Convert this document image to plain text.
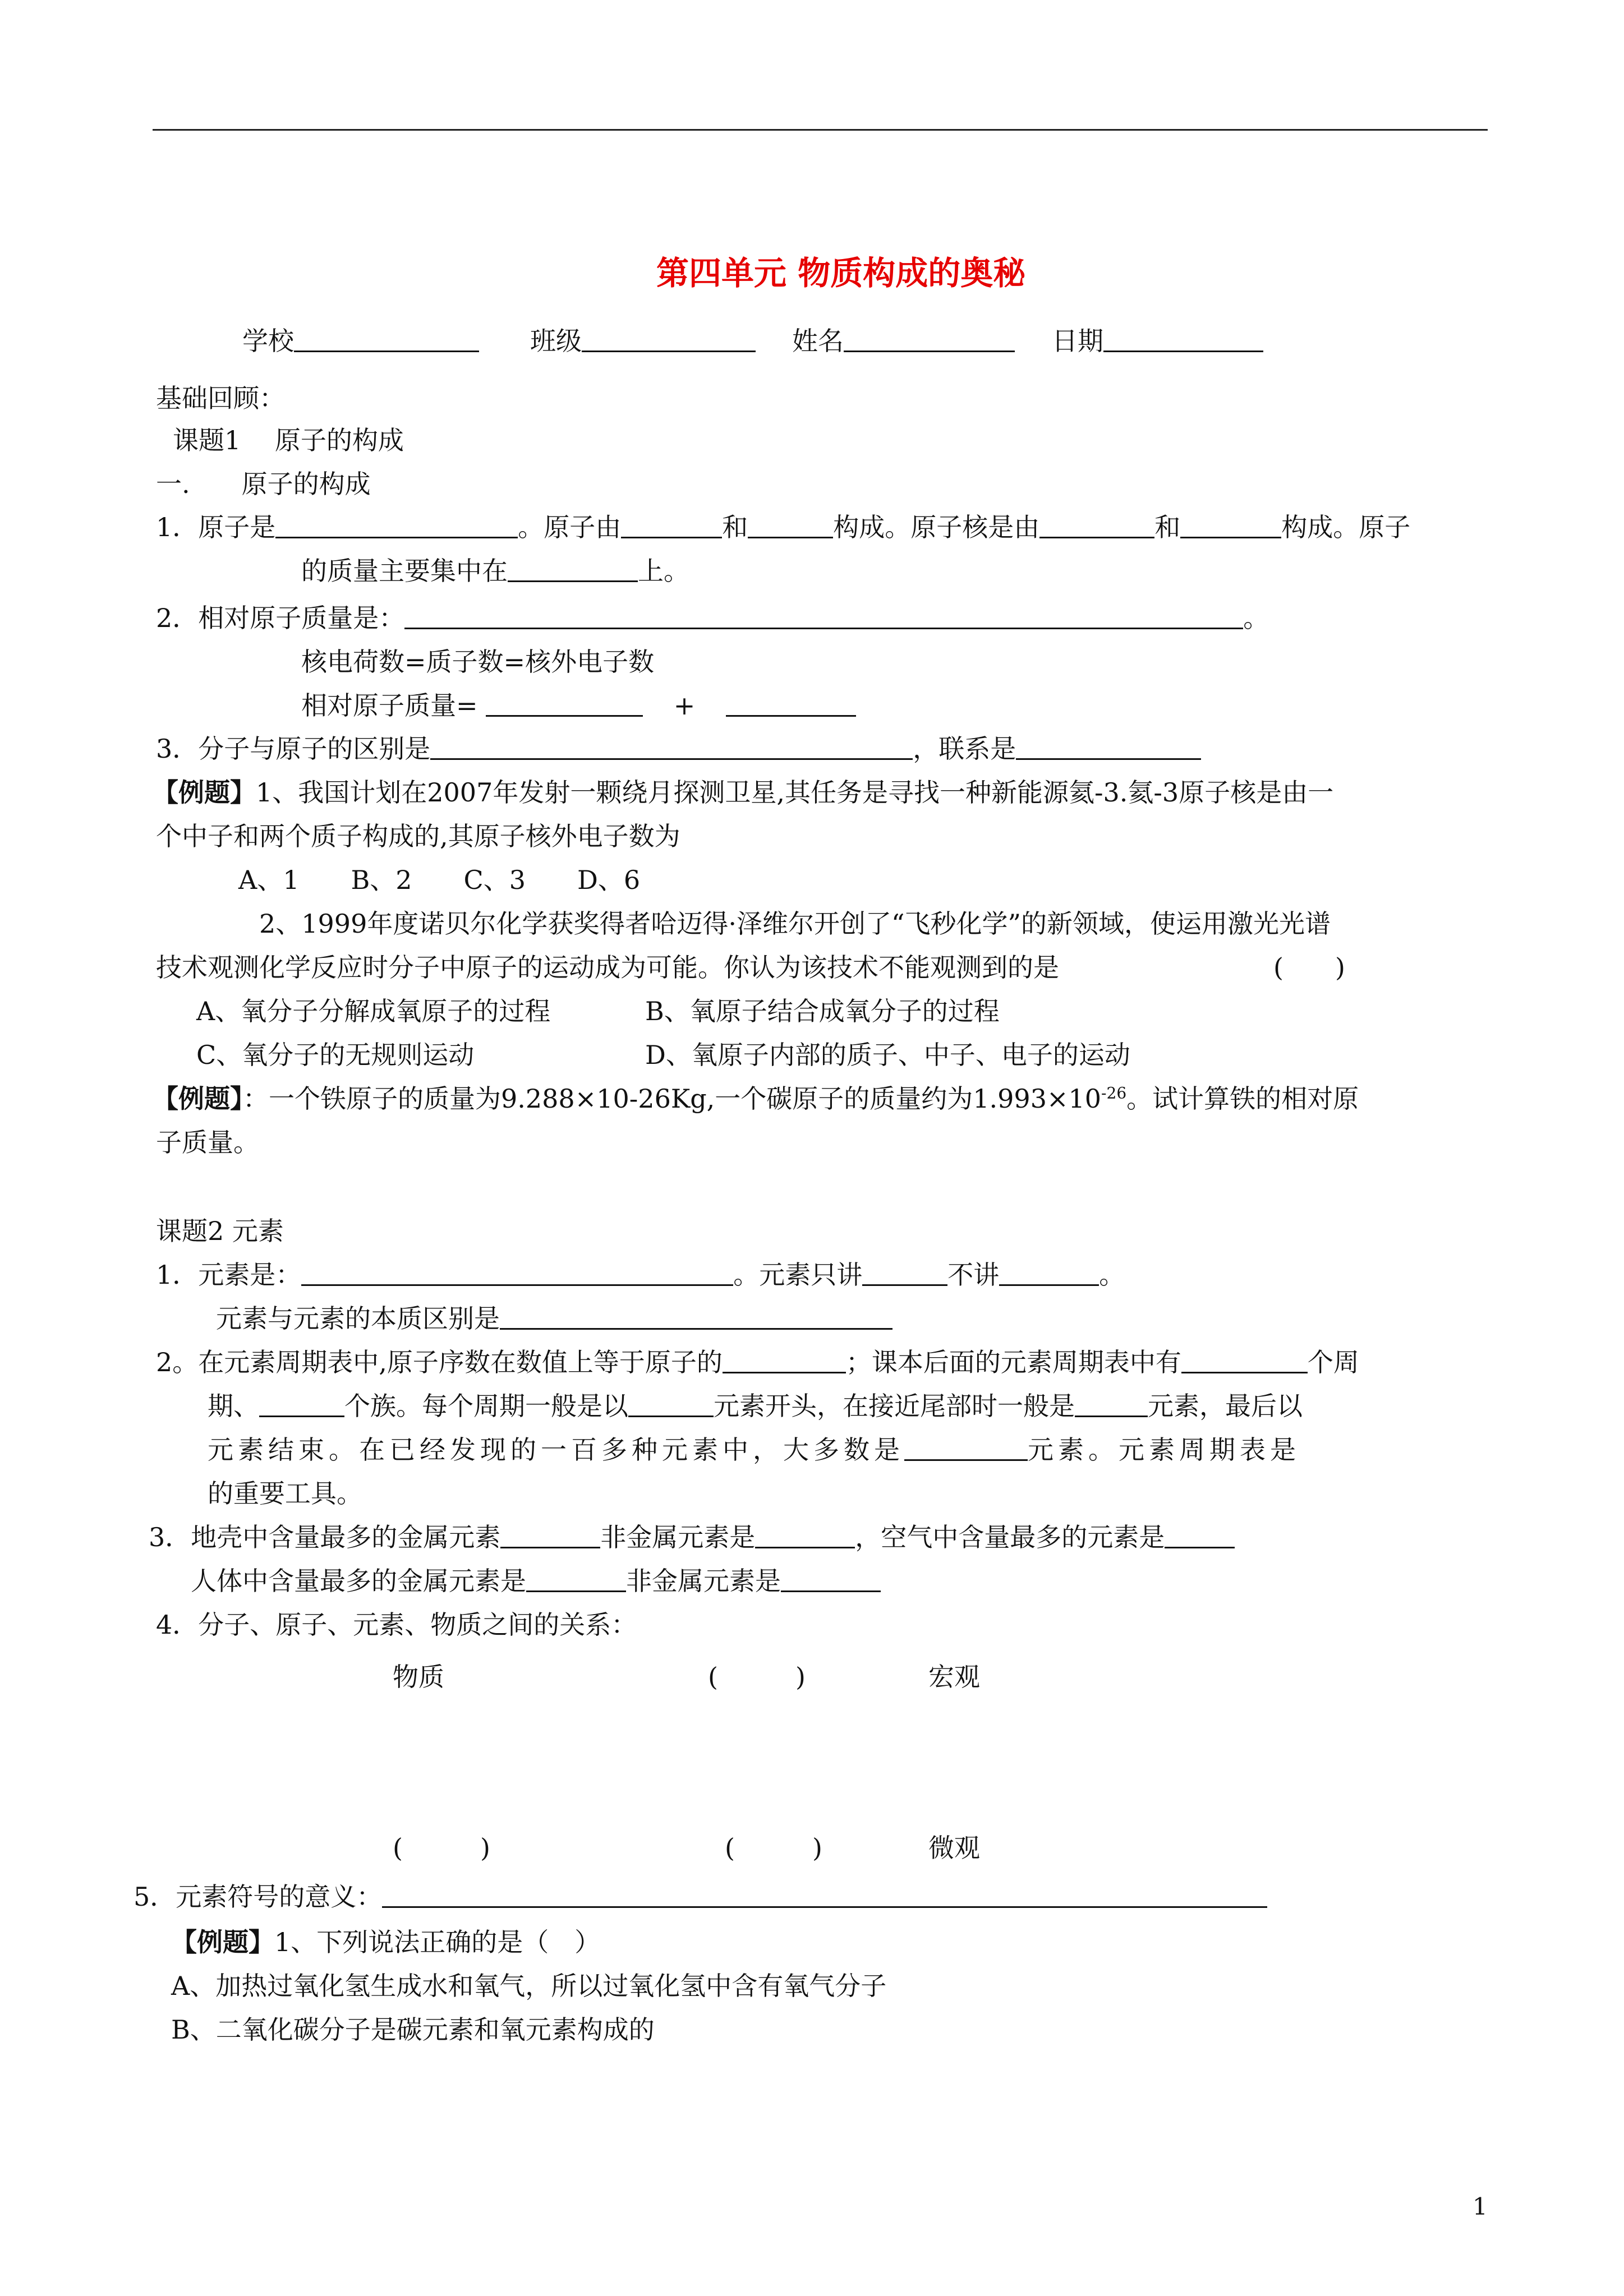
第四单元 物质构成的奥秘
学校	班级	姓名	日期
基础回顾：
课题1　 原子的构成
一.　　原子的构成
1．原子是	。原子由	和	构成。原子核是由	和	构成。原子
的质量主要集中在	上。
2．相对原子质量是：	。
核电荷数=质子数=核外电子数
相对原子质量=	+
3．分子与原子的区别是	，联系是
【例题】1、我国计划在2007年发射一颗绕月探测卫星,其任务是寻找一种新能源氦-3.氦-3原子核是由一
个中子和两个质子构成的,其原子核外电子数为
A、1　　B、2　　C、3　　D、6
2、1999年度诺贝尔化学获奖得者哈迈得·泽维尔开创了“飞秒化学”的新领域，使运用激光光谱
技术观测化学反应时分子中原子的运动成为可能。你认为该技术不能观测到的是	(　　)
A、氧分子分解成氧原子的过程	B、氧原子结合成氧分子的过程
C、氧分子的无规则运动	D、氧原子内部的质子、中子、电子的运动
【例题】：一个铁原子的质量为9.288×10-26Kg,一个碳原子的质量约为$1.993\times 10^{-26}$。试计算铁的相对原
子质量。
课题2 元素
1．元素是：	。元素只讲	不讲	。
元素与元素的本质区别是
2。在元素周期表中,原子序数在数值上等于原子的	；课本后面的元素周期表中有	个周
期、	个族。每个周期一般是以	元素开头，在接近尾部时一般是	元素，最后以
元素结束。在已经发现的一百多种元素中，大多数是	元素。元素周期表是
的重要工具。
3．地壳中含量最多的金属元素	非金属元素是	，空气中含量最多的元素是
人体中含量最多的金属元素是	非金属元素是
4．分子、原子、元素、物质之间的关系：
物质	(　　　)	宏观
(　　　)	(　　　)	微观
5．元素符号的意义：
【例题】1、下列说法正确的是（　）
A、加热过氧化氢生成水和氧气，所以过氧化氢中含有氧气分子
B、二氧化碳分子是碳元素和氧元素构成的
1
